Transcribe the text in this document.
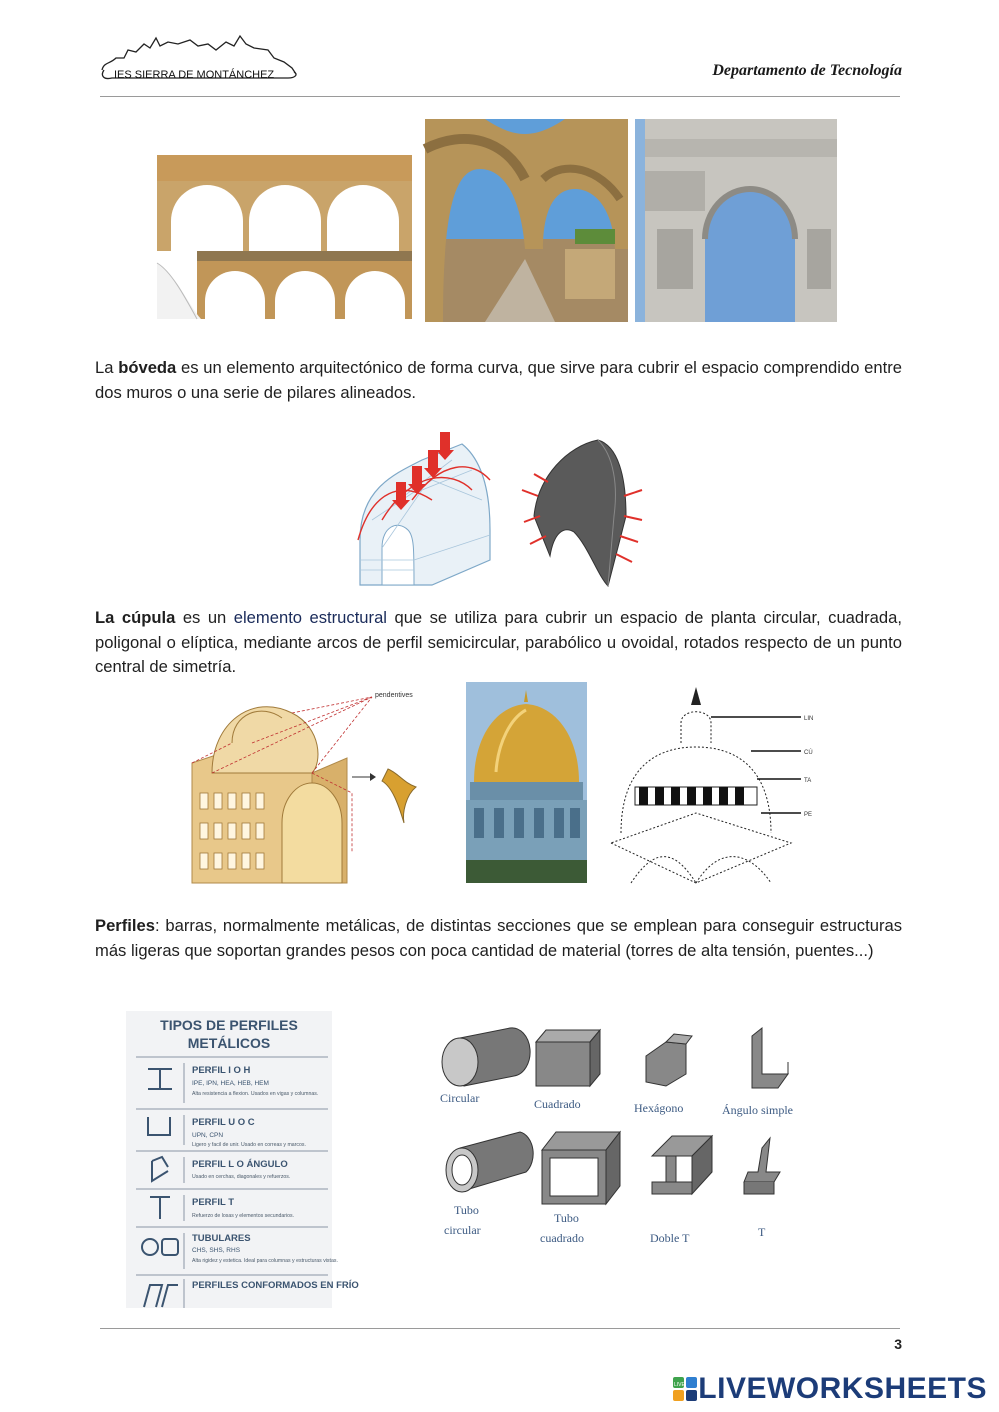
IES SIERRA DE MONTÁNCHEZ	Departamento de Tecnología
La bóveda es un elemento arquitectónico de forma curva, que sirve para cubrir el espacio comprendido entre dos muros o una serie de pilares alineados.
La cúpula es un elemento estructural que se utiliza para cubrir un espacio de planta circular, cuadrada, poligonal o elíptica, mediante arcos de perfil semicircular, parabólico u ovoidal, rotados respecto de un punto central de simetría.
pendentives
LIN
CÚ
TA
PE
Perfiles: barras, normalmente metálicas, de distintas secciones que se emplean para conseguir estructuras más ligeras que soportan grandes pesos con poca cantidad de material (torres de alta tensión, puentes...)
TIPOS DE PERFILES
METÁLICOS
PERFIL I O H
IPE, IPN, HEA, HEB, HEM
Alta resistencia a flexion. Usados en vigas y columnas.
PERFIL U O C
UPN, CPN
Ligero y facil de unir. Usado en correas y marcos.
PERFIL L O ÁNGULO
Usado en cerchas, diagonales y refuerzos.
PERFIL T
Refuerzo de losas y elementos secundarios.
TUBULARES
CHS, SHS, RHS
Alta rigidez y estetica. Ideal para columnas y estructuras vistas.
PERFILES CONFORMADOS EN FRÍO
Circular	Cuadrado	Hexágono	Ángulo simple
Tubo
circular
Tubo
cuadrado	Doble T	T
3
LIVE LIVEWORKSHEETS
